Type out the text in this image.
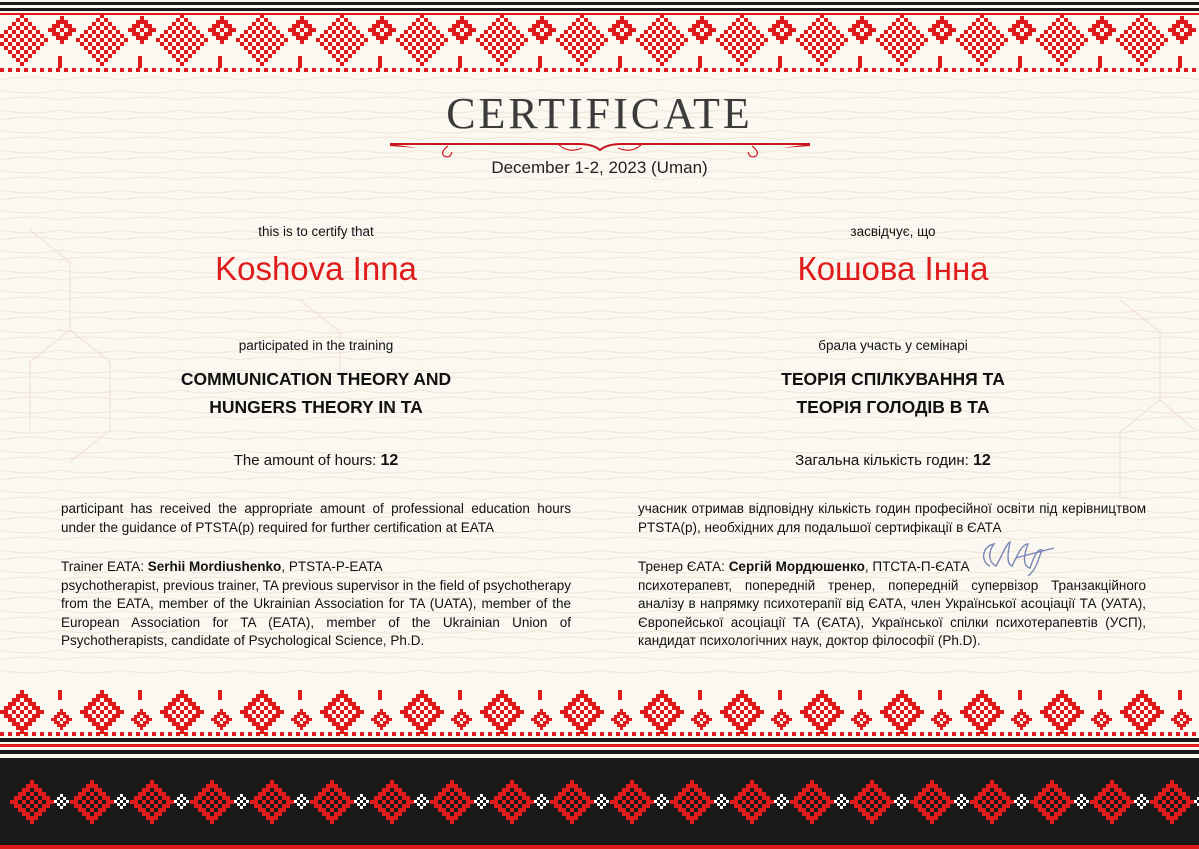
CERTIFICATE
December 1-2, 2023 (Uman)
this is to certify that
Koshova Inna
participated in the training
COMMUNICATION THEORY AND
HUNGERS THEORY IN TA
The amount of hours: 12
participant has received the appropriate amount of professional education hours under the guidance of PTSTA(p) required for further certification at EATA
Trainer EATA: Serhii Mordiushenko, PTSTA-P-EATA
psychotherapist, previous trainer, TA previous supervisor in the field of psychotherapy from the EATA, member of the Ukrainian Association for TA (UATA), member of the European Association for TA (EATA), member of the Ukrainian Union of Psychotherapists, candidate of Psychological Science, Ph.D.
засвідчує, що
Кошова Інна
брала участь у семінарі
ТЕОРІЯ СПІЛКУВАННЯ ТА
ТЕОРІЯ ГОЛОДІВ В ТА
Загальна кількість годин: 12
учасник отримав відповідну кількість годин професійної освіти під керівництвом PTSTA(p), необхідних для подальшої сертифікації в ЄАТА
Тренер ЄАТА: Сергій Мордюшенко, ПТСТА-П-ЄАТА
психотерапевт, попередній тренер, попередній супервізор Транзакційного аналізу в напрямку психотерапії від ЄАТА, член Української асоціації ТА (УАТА), Європейської асоціації ТА (ЄАТА), Української спілки психотерапевтів (УСП), кандидат психологічних наук, доктор філософії (Ph.D).
